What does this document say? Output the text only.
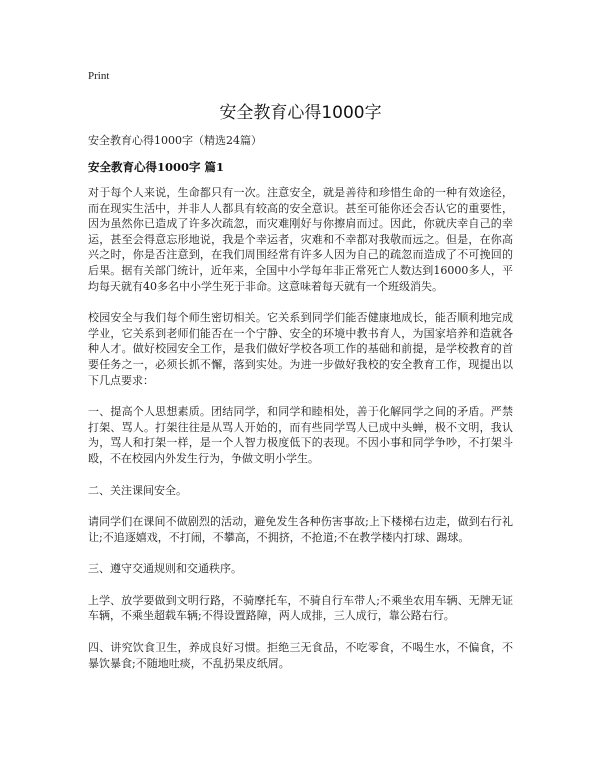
Print
安全教育心得1000字

安全教育心得1000字（精选24篇）

安全教育心得1000字 篇1

对于每个人来说，生命都只有一次。注意安全，就是善待和珍惜生命的一种有效途径，而在现实生活中，并非人人都具有较高的安全意识。甚至可能你还会否认它的重要性，因为虽然你已造成了许多次疏忽，而灾难刚好与你擦肩而过。因此，你就庆幸自己的幸运，甚至会得意忘形地说，我是个幸运者，灾难和不幸都对我敬而远之。但是，在你高兴之时，你是否注意到，在我们周围经常有许多人因为自己的疏忽而造成了不可挽回的后果。据有关部门统计，近年来，全国中小学每年非正常死亡人数达到16000多人，平均每天就有40多名中小学生死于非命。这意味着每天就有一个班级消失。

校园安全与我们每个师生密切相关。它关系到同学们能否健康地成长，能否顺利地完成学业，它关系到老师们能否在一个宁静、安全的环境中教书育人，为国家培养和造就各种人才。做好校园安全工作，是我们做好学校各项工作的基础和前提，是学校教育的首要任务之一，必须长抓不懈，落到实处。为进一步做好我校的安全教育工作，现提出以下几点要求：

一、提高个人思想素质。团结同学，和同学和睦相处，善于化解同学之间的矛盾。严禁打架、骂人。打架往往是从骂人开始的，而有些同学骂人已成中头蝉，极不文明，我认为，骂人和打架一样，是一个人智力极度低下的表现。不因小事和同学争吵，不打架斗殴，不在校园内外发生行为，争做文明小学生。

二、关注课间安全。

请同学们在课间不做剧烈的活动，避免发生各种伤害事故;上下楼梯右边走，做到右行礼让;不追逐嬉戏，不打闹，不攀高，不拥挤，不抢道;不在教学楼内打球、踢球。

三、遵守交通规则和交通秩序。

上学、放学要做到文明行路，不骑摩托车，不骑自行车带人;不乘坐农用车辆、无牌无证车辆，不乘坐超载车辆;不得设置路障，两人成排，三人成行，靠公路右行。

四、讲究饮食卫生，养成良好习惯。拒绝三无食品，不吃零食，不喝生水，不偏食，不暴饮暴食;不随地吐痰，不乱扔果皮纸屑。
